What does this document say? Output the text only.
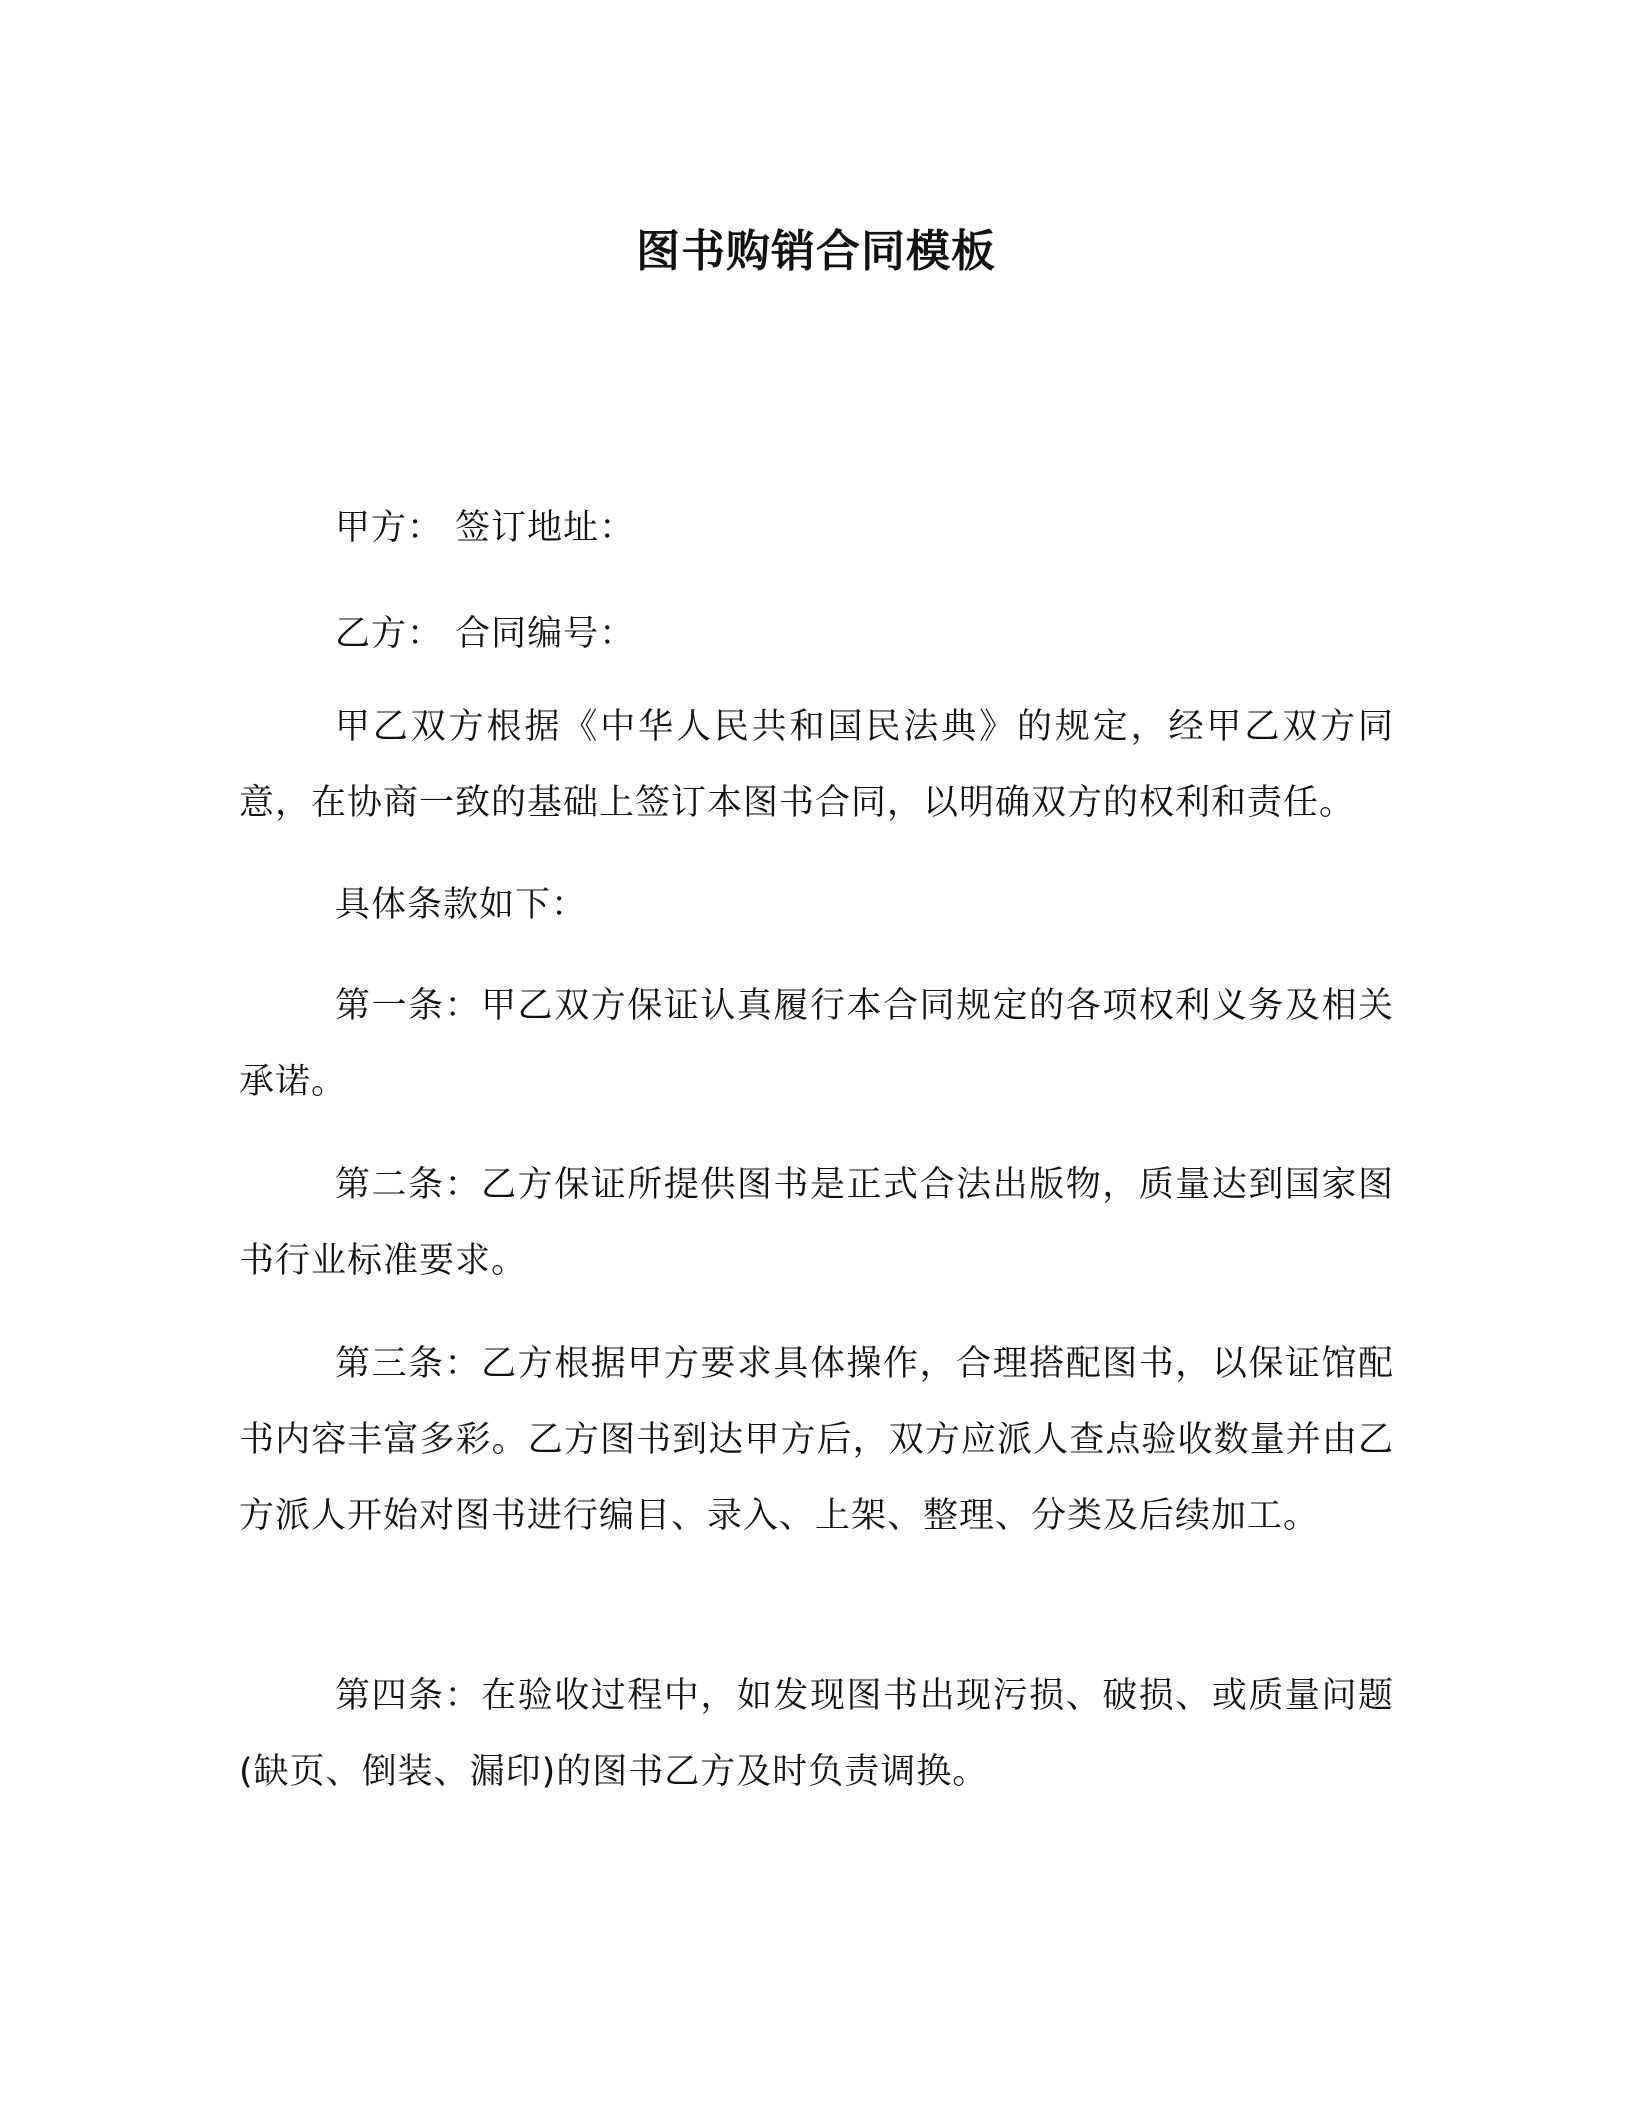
图书购销合同模板

甲方： 签订地址：

乙方： 合同编号：

甲乙双方根据《中华人民共和国民法典》的规定，经甲乙双方同意，在协商一致的基础上签订本图书合同，以明确双方的权利和责任。

具体条款如下：

第一条：甲乙双方保证认真履行本合同规定的各项权利义务及相关承诺。

第二条：乙方保证所提供图书是正式合法出版物，质量达到国家图书行业标准要求。

第三条：乙方根据甲方要求具体操作，合理搭配图书，以保证馆配书内容丰富多彩。乙方图书到达甲方后，双方应派人查点验收数量并由乙方派人开始对图书进行编目、录入、上架、整理、分类及后续加工。

第四条：在验收过程中，如发现图书出现污损、破损、或质量问题(缺页、倒装、漏印)的图书乙方及时负责调换。
